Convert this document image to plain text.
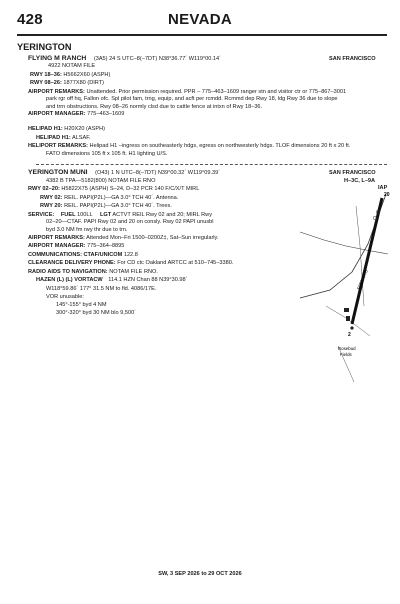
428	NEVADA
YERINGTON
FLYING M RANCH (3A5) 24 S UTC–8(–7DT) N38°36.77´ W119°00.14´	SAN FRANCISCO
4922 NOTAM FILE
RWY 18–36: H5662X60 (ASPH)
RWY 08–26: 1877X80 (DIRT)
AIRPORT REMARKS: Unattended. Prior permission required. PPR – 775–463–1609 ranger stn and visitor ctr or 775–867–3001
park rgr off hq, Fallon ofc. Spl pilot fam, trng, equip, and acft per rcmdd. Rcmmd dep Rwy 18, ldg Rwy 36 due to slope
and trrn obstructions. Rwy 08–26 normly clsd due to cattle fence at intxn of Rwy 18–36.
AIRPORT MANAGER: 775–463–1609
HELIPAD H1: H20X20 (ASPH)
HELIPAD H1: ALSAF.
HELIPORT REMARKS: Helipad H1 –ingress on southeasterly hdgs, egress on northwesterly hdgs. TLOF dimensions 20 ft x 20 ft.
FATO dimensions 105 ft x 105 ft. H1 lighting U/S.
YERINGTON MUNI (O43) 1 N UTC–8(–7DT) N39°00.32´ W119°09.39´	SAN FRANCISCO
H–3C, L–9A
IAP
4382 B TPA—5182(800) NOTAM FILE RNO
RWY 02–20: H5822X75 (ASPH) S–24, D–32 PCR 140 F/C/X/T MIRL
RWY 02: REIL. PAPI(P2L)—GA 3.0° TCH 40´. Antenna.
RWY 20: REIL. PAPI(P2L)—GA 3.0° TCH 40´. Trees.
SERVICE: FUEL 100LL LGT ACTVT REIL Rwy 02 and 20; MIRL Rwy
02–20—CTAF. PAPI Rwy 02 and 20 on consly. Rwy 02 PAPI unusbl
byd 3.0 NM fm rwy thr due to trn.
AIRPORT REMARKS: Attended Mon–Fri 1500–0200Z‡, Sat–Sun irregularly.
AIRPORT MANAGER: 775–364–8895
COMMUNICATIONS: CTAF/UNICOM 122.8
CLEARANCE DELIVERY PHONE: For CD ctc Oakland ARTCC at 510–745–3380.
RADIO AIDS TO NAVIGATION: NOTAM FILE RNO.
HAZEN (L) (L) VORTACW 114.1 HZN Chan 88 N39°30.98´
W118°59.86´ 177° 31.5 NM to fld. 4086/17E.
VOR unusable:
145°-155° byd 4 NM
300°-320° byd 30 NM blo 9,500´
20
2
5822 X 75
Rosebud
Fields
SW, 3 SEP 2026 to 29 OCT 2026
